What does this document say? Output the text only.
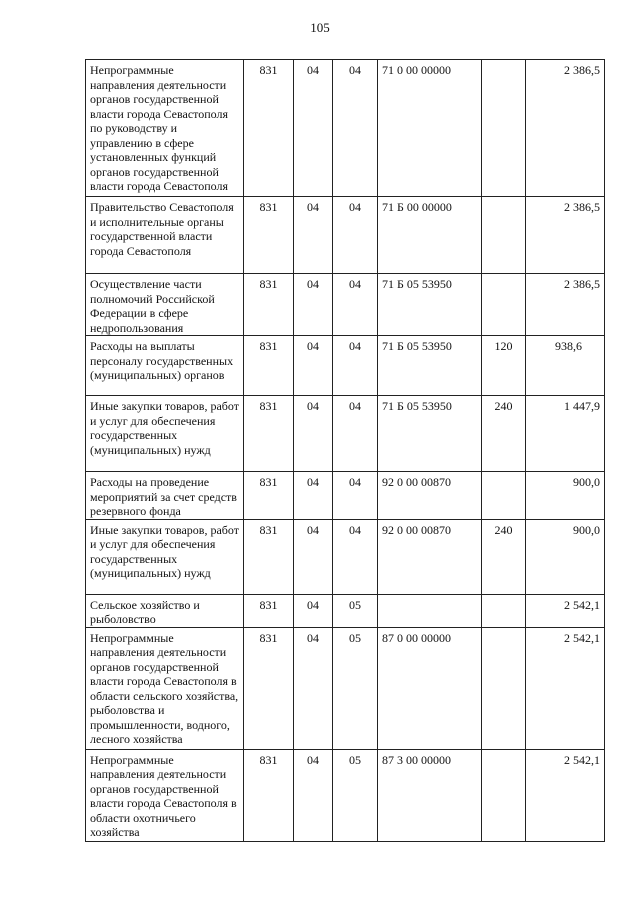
105
Непрограммные направления деятельности органов государственной власти города Севастополя по руководству и управлению в сфере установленных функций органов государственной власти города Севастополя	831	04	04	71 0 00 00000		2 386,5
Правительство Севастополя и исполнительные органы государственной власти города Севастополя	831	04	04	71 Б 00 00000		2 386,5
Осуществление части полномочий Российской Федерации в сфере недропользования	831	04	04	71 Б 05 53950		2 386,5
Расходы на выплаты персоналу государственных (муниципальных) органов	831	04	04	71 Б 05 53950	120	938,6
Иные закупки товаров, работ и услуг для обеспечения государственных (муниципальных) нужд	831	04	04	71 Б 05 53950	240	1 447,9
Расходы на проведение мероприятий за счет средств резервного фонда	831	04	04	92 0 00 00870		900,0
Иные закупки товаров, работ и услуг для обеспечения государственных (муниципальных) нужд	831	04	04	92 0 00 00870	240	900,0
Сельское хозяйство и рыболовство	831	04	05			2 542,1
Непрограммные направления деятельности органов государственной власти города Севастополя в области сельского хозяйства, рыболовства и промышленности, водного, лесного хозяйства	831	04	05	87 0 00 00000		2 542,1
Непрограммные направления деятельности органов государственной власти города Севастополя в области охотничьего хозяйства	831	04	05	87 3 00 00000		2 542,1
